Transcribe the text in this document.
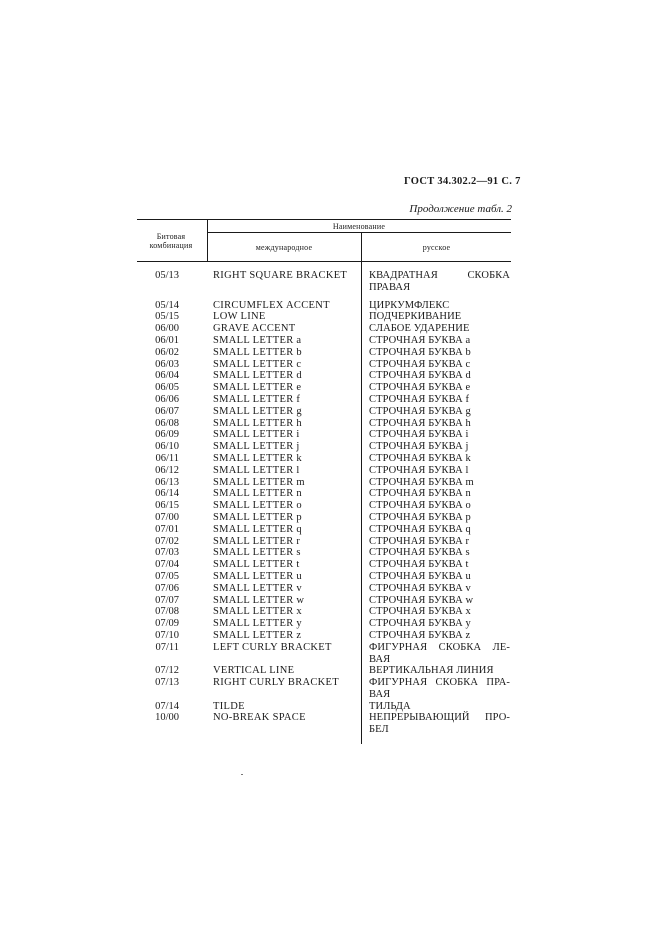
ГОСТ 34.302.2—91 С. 7
Продолжение табл. 2
Битовая
комбинация
Наименование
международное	русское
05/13	RIGHT SQUARE BRACKET	КВАДРАТНАЯ СКОБКА
ПРАВАЯ
05/14	CIRCUMFLEX ACCENT	ЦИРКУМФЛЕКС
05/15	LOW LINE	ПОДЧЕРКИВАНИЕ
06/00	GRAVE ACCENT	СЛАБОЕ УДАРЕНИЕ
06/01	SMALL LETTER a	СТРОЧНАЯ БУКВА a
06/02	SMALL LETTER b	СТРОЧНАЯ БУКВА b
06/03	SMALL LETTER c	СТРОЧНАЯ БУКВА c
06/04	SMALL LETTER d	СТРОЧНАЯ БУКВА d
06/05	SMALL LETTER e	СТРОЧНАЯ БУКВА e
06/06	SMALL LETTER f	СТРОЧНАЯ БУКВА f
06/07	SMALL LETTER g	СТРОЧНАЯ БУКВА g
06/08	SMALL LETTER h	СТРОЧНАЯ БУКВА h
06/09	SMALL LETTER i	СТРОЧНАЯ БУКВА i
06/10	SMALL LETTER j	СТРОЧНАЯ БУКВА j
06/11	SMALL LETTER k	СТРОЧНАЯ БУКВА k
06/12	SMALL LETTER l	СТРОЧНАЯ БУКВА l
06/13	SMALL LETTER m	СТРОЧНАЯ БУКВА m
06/14	SMALL LETTER n	СТРОЧНАЯ БУКВА n
06/15	SMALL LETTER o	СТРОЧНАЯ БУКВА o
07/00	SMALL LETTER p	СТРОЧНАЯ БУКВА p
07/01	SMALL LETTER q	СТРОЧНАЯ БУКВА q
07/02	SMALL LETTER r	СТРОЧНАЯ БУКВА r
07/03	SMALL LETTER s	СТРОЧНАЯ БУКВА s
07/04	SMALL LETTER t	СТРОЧНАЯ БУКВА t
07/05	SMALL LETTER u	СТРОЧНАЯ БУКВА u
07/06	SMALL LETTER v	СТРОЧНАЯ БУКВА v
07/07	SMALL LETTER w	СТРОЧНАЯ БУКВА w
07/08	SMALL LETTER x	СТРОЧНАЯ БУКВА x
07/09	SMALL LETTER y	СТРОЧНАЯ БУКВА y
07/10	SMALL LETTER z	СТРОЧНАЯ БУКВА z
07/11	LEFT CURLY BRACKET	ФИГУРНАЯ СКОБКА ЛЕ-
ВАЯ
07/12	VERTICAL LINE	ВЕРТИКАЛЬНАЯ ЛИНИЯ
07/13	RIGHT CURLY BRACKET	ФИГУРНАЯ СКОБКА ПРА-
ВАЯ
07/14	TILDE	ТИЛЬДА
10/00	NO-BREAK SPACE	НЕПРЕРЫВАЮЩИЙ ПРО-
БЕЛ
